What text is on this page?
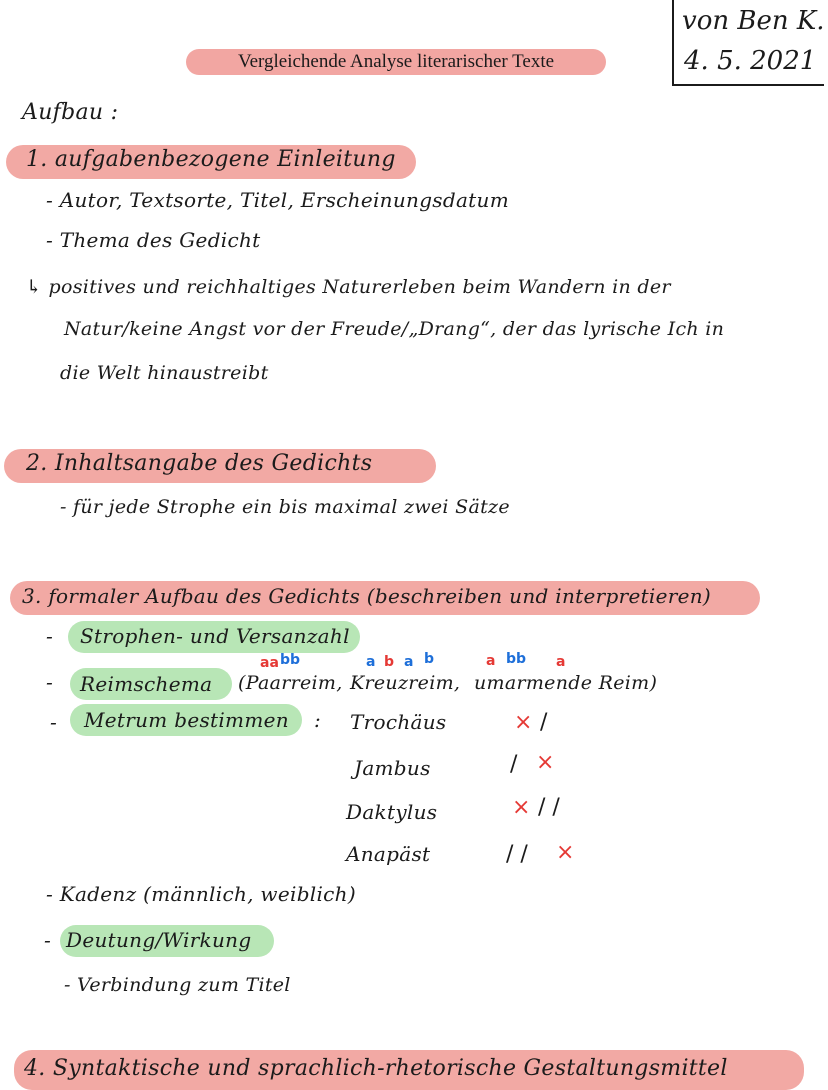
von Ben K.
4. 5. 2021
Vergleichende Analyse literarischer Texte
Aufbau :
1. aufgabenbezogene Einleitung
- Autor, Textsorte, Titel, Erscheinungsdatum
- Thema des Gedicht
↳ positives und reichhaltiges Naturerleben beim Wandern in der
Natur/keine Angst vor der Freude/„Drang“, der das lyrische Ich in
die Welt hinaustreibt
2. Inhaltsangabe des Gedichts
- für jede Strophe ein bis maximal zwei Sätze
3. formaler Aufbau des Gedichts (beschreiben und interpretieren)
- Strophen- und Versanzahl
- Reimschema (Paarreim, Kreuzreim, umarmende Reim)
aa bb	a b a b	a bb a
- Metrum bestimmen : Trochäus	× /
Jambus	/ ×
Daktylus	× / /
Anapäst	/ / ×
- Kadenz (männlich, weiblich)
- Deutung/Wirkung
- Verbindung zum Titel
4. Syntaktische und sprachlich-rhetorische Gestaltungsmittel
